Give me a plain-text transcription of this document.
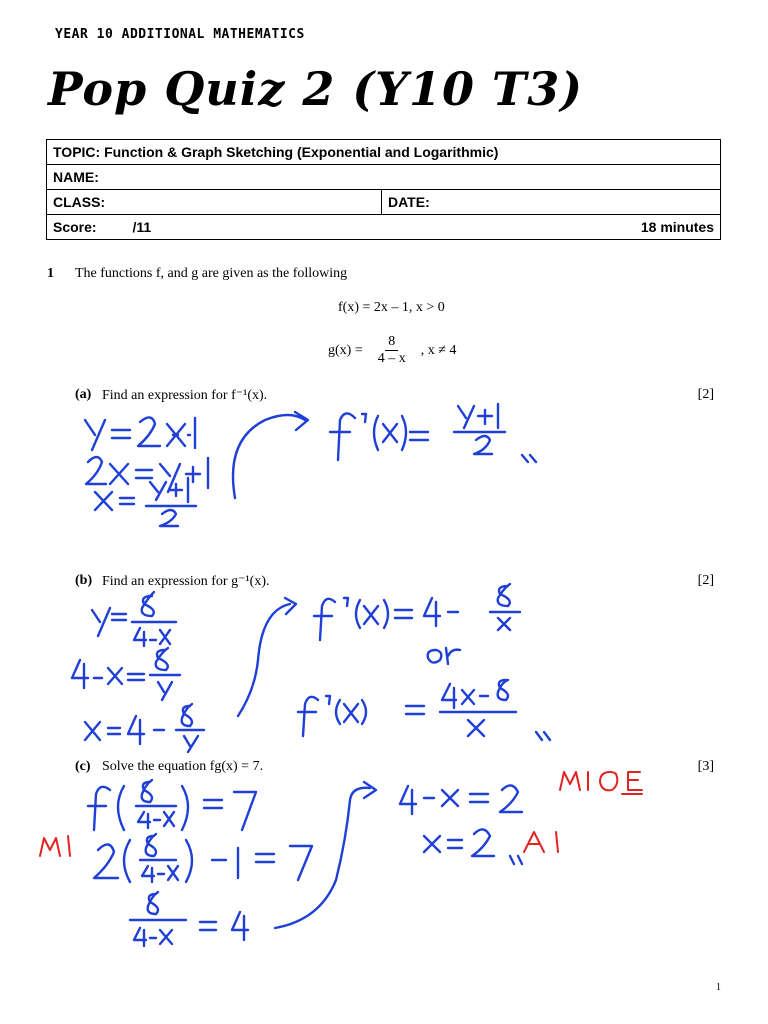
YEAR 10 ADDITIONAL MATHEMATICS
Pop Quiz 2 (Y10 T3)
TOPIC: Function & Graph Sketching (Exponential and Logarithmic)
NAME:
CLASS:	DATE:

Score:	/11	18 minutes
1 The functions f, and g are given as the following
f(x) = 2x – 1, x > 0
$g(x) = \frac{8}{4 - x}$ , x ≠ 4
(a) Find an expression for f⁻¹(x).	[2]
(b) Find an expression for g⁻¹(x).	[2]
(c) Solve the equation fg(x) = 7.	[3]
1
